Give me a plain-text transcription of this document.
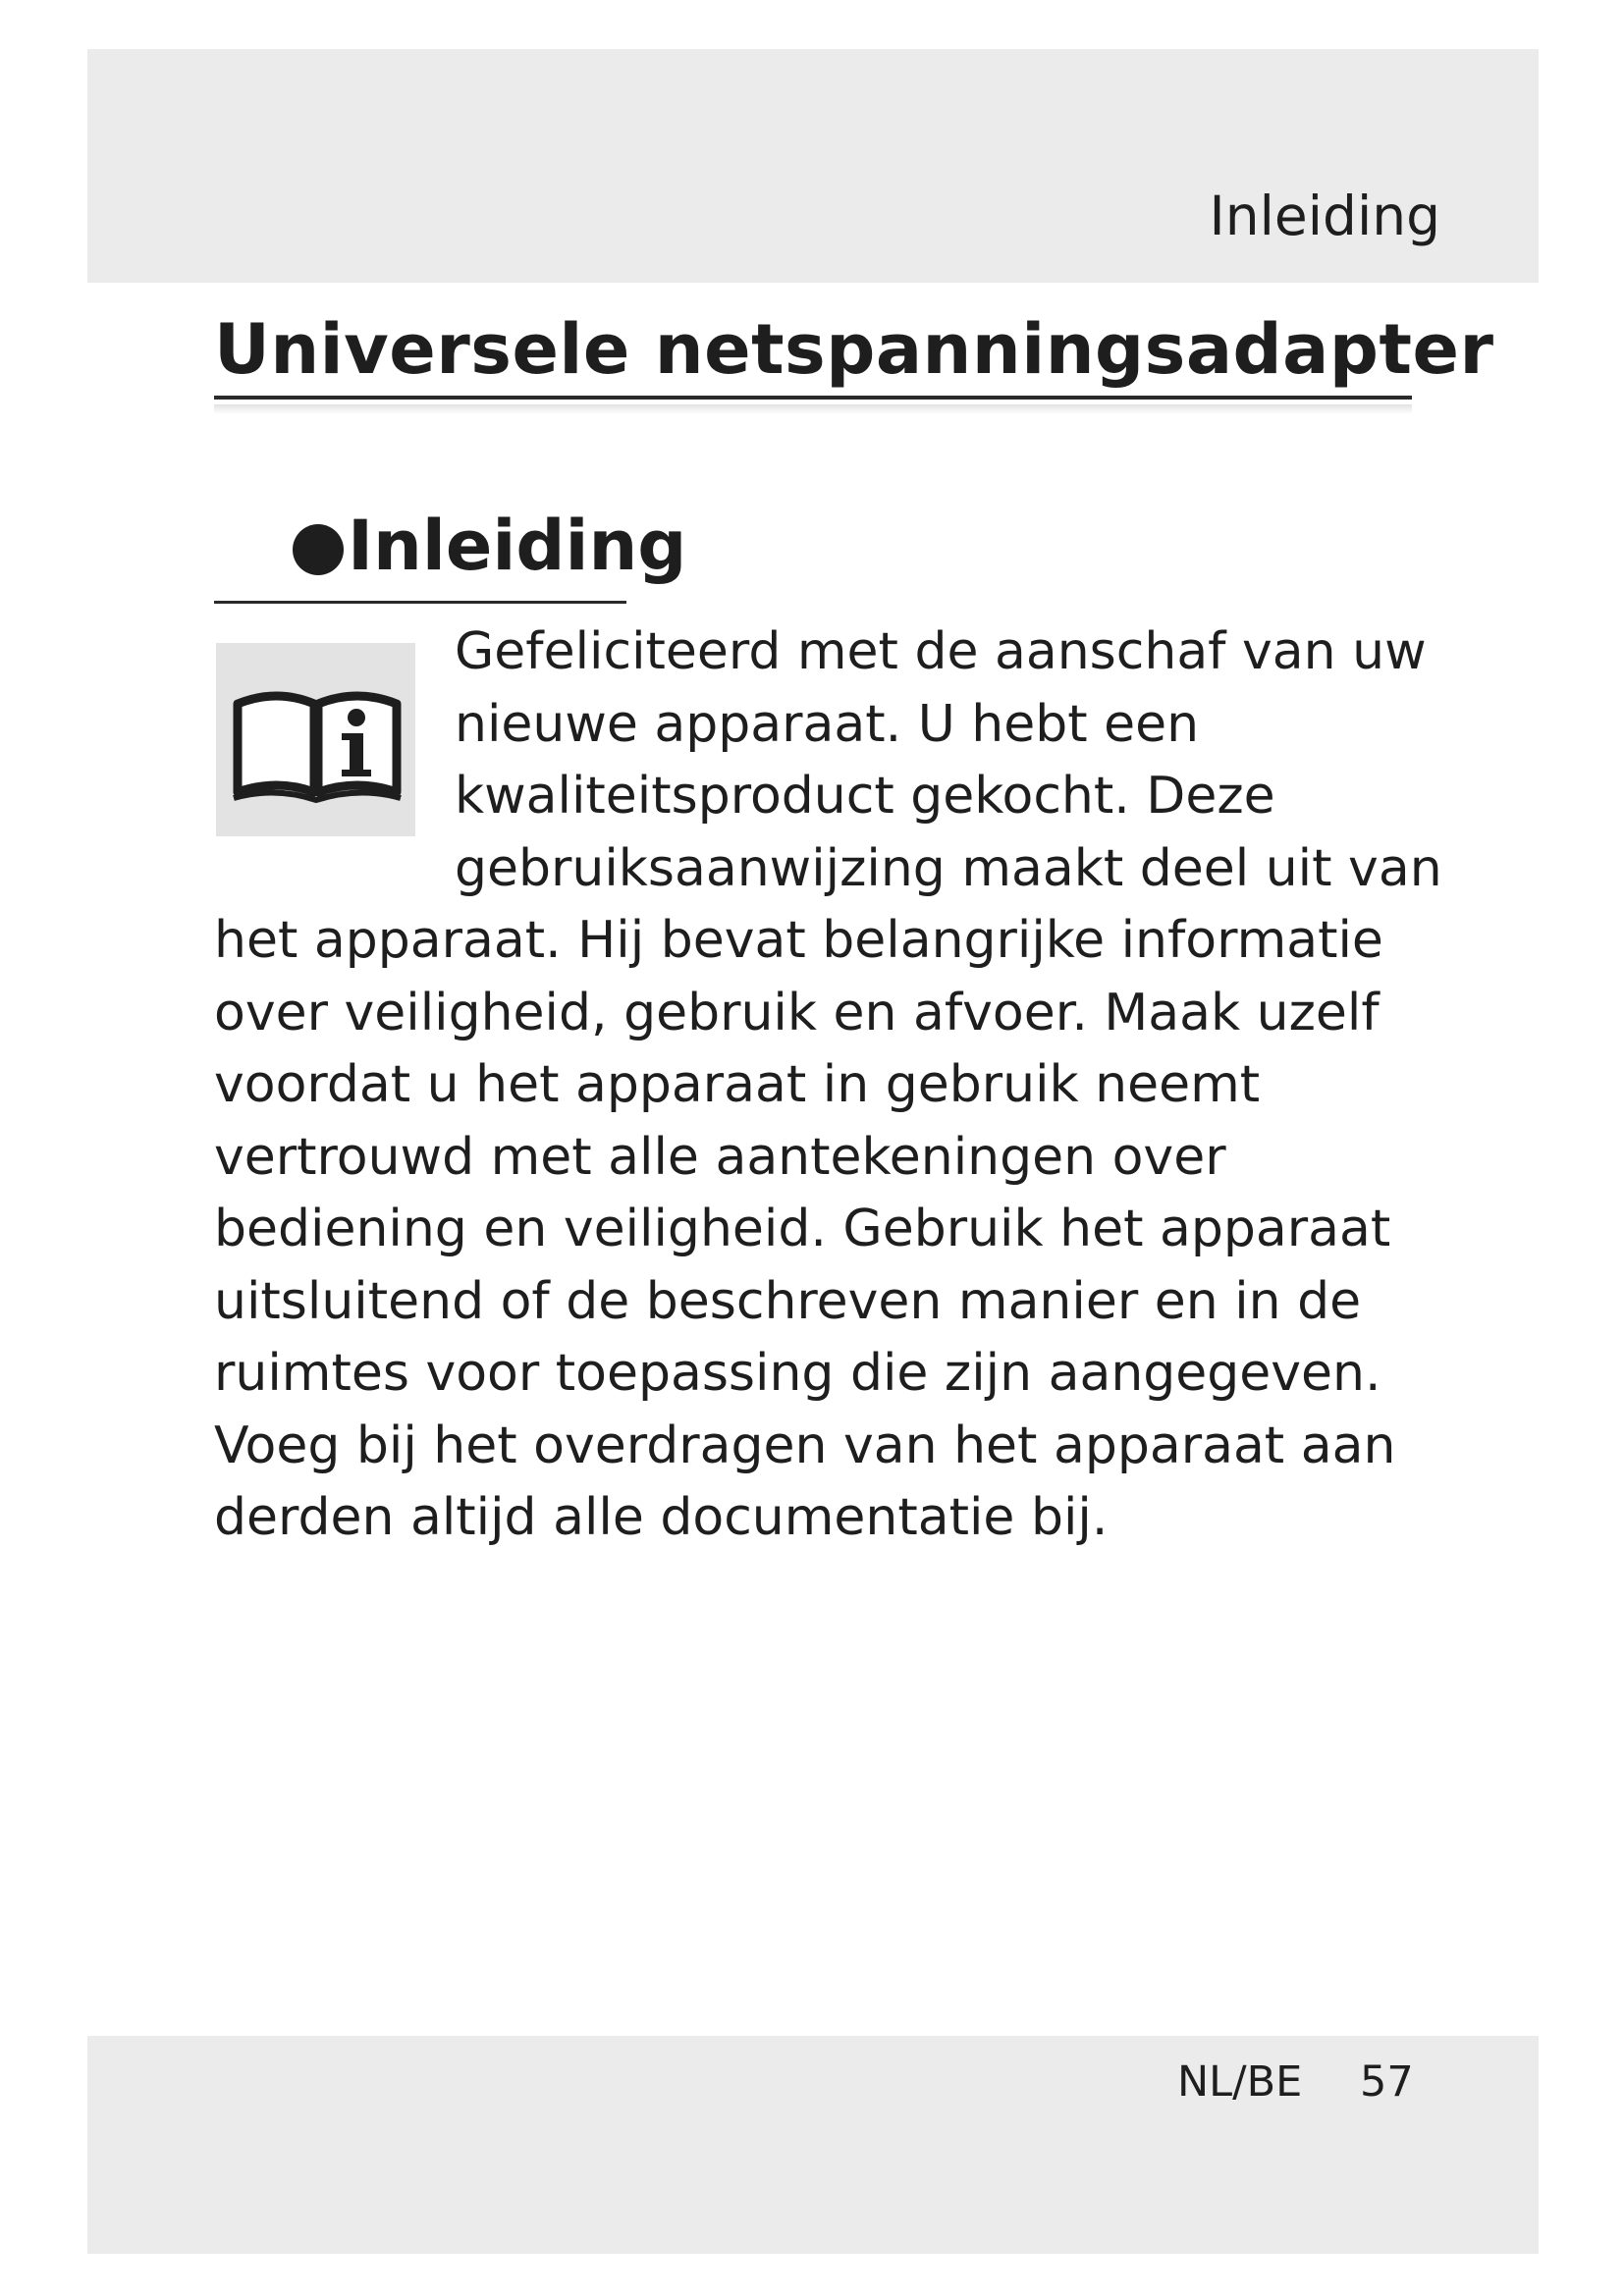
Inleiding
Universele netspanningsadapter
Inleiding
Gefeliciteerd met de aanschaf van uw
nieuwe apparaat. U hebt een
kwaliteitsproduct gekocht. Deze
gebruiksaanwijzing maakt deel uit van
het apparaat. Hij bevat belangrijke informatie
over veiligheid, gebruik en afvoer. Maak uzelf
voordat u het apparaat in gebruik neemt
vertrouwd met alle aantekeningen over
bediening en veiligheid. Gebruik het apparaat
uitsluitend of de beschreven manier en in de
ruimtes voor toepassing die zijn aangegeven.
Voeg bij het overdragen van het apparaat aan
derden altijd alle documentatie bij.
NL/BE 57
